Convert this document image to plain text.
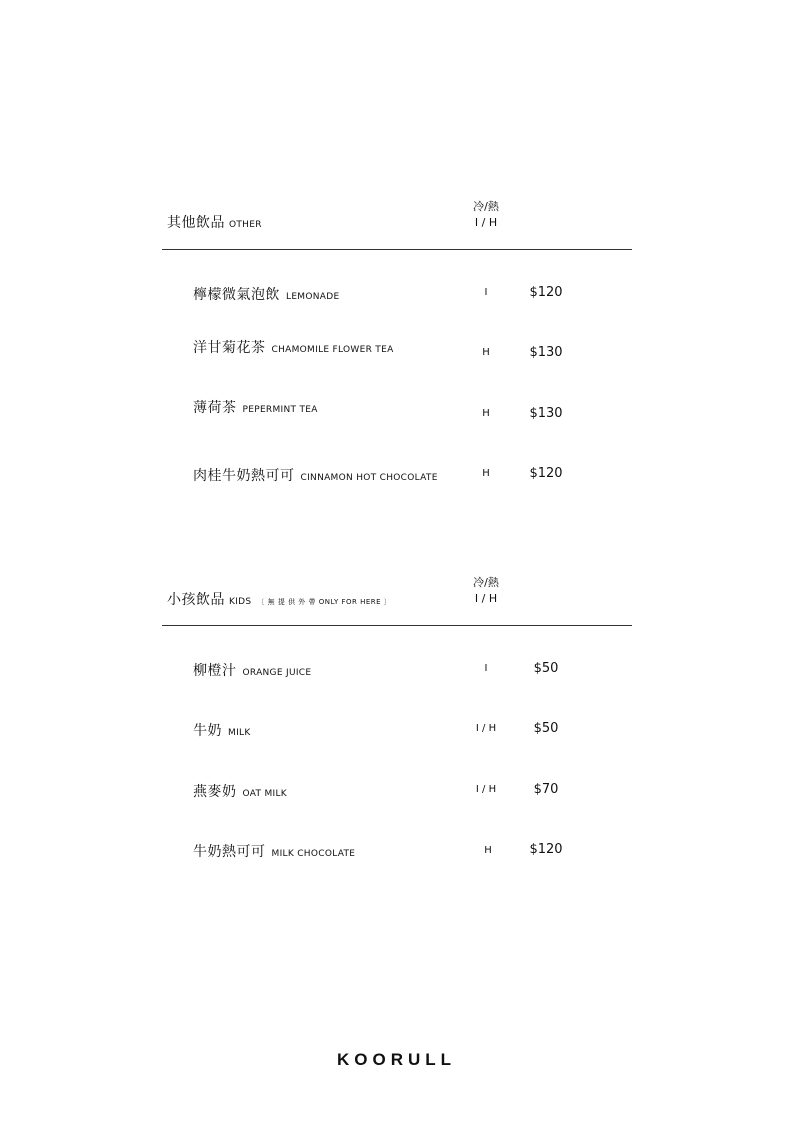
其他飲品 OTHER
冷/熱
I / H
檸檬微氣泡飲 LEMONADE	I	$120
洋甘菊花茶 CHAMOMILE FLOWER TEA	H	$130
薄荷茶 PEPERMINT TEA	H	$130
肉桂牛奶熱可可 CINNAMON HOT CHOCOLATE	H	$120
小孩飲品 KIDS 〔 無 提 供 外 帶 ONLY FOR HERE 〕
冷/熱
I / H
柳橙汁 ORANGE JUICE	I	$50
牛奶 MILK	I / H	$50
燕麥奶 OAT MILK	I / H	$70
牛奶熱可可 MILK CHOCOLATE	H	$120
KOORULL
